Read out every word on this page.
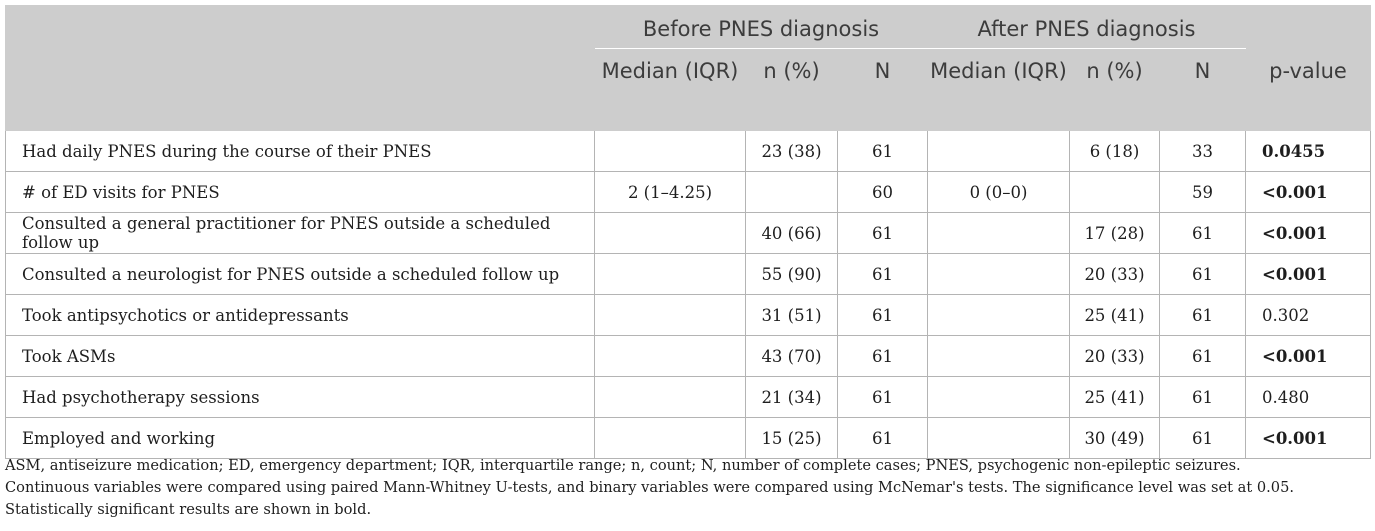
	Before PNES diagnosis			After PNES diagnosis			
	Median (IQR)	n (%)	N	Median (IQR)	n (%)	N	p-value
Had daily PNES during the course of their PNES		23 (38)	61		6 (18)	33	0.0455
# of ED visits for PNES	2 (1–4.25)		60	0 (0–0)		59	<0.001
Consulted a general practitioner for PNES outside a scheduled follow up		40 (66)	61		17 (28)	61	<0.001
Consulted a neurologist for PNES outside a scheduled follow up		55 (90)	61		20 (33)	61	<0.001
Took antipsychotics or antidepressants		31 (51)	61		25 (41)	61	0.302
Took ASMs		43 (70)	61		20 (33)	61	<0.001
Had psychotherapy sessions		21 (34)	61		25 (41)	61	0.480
Employed and working		15 (25)	61		30 (49)	61	<0.001

ASM, antiseizure medication; ED, emergency department; IQR, interquartile range; n, count; N, number of complete cases; PNES, psychogenic non-epileptic seizures.

Continuous variables were compared using paired Mann-Whitney U-tests, and binary variables were compared using McNemar's tests. The significance level was set at 0.05. Statistically significant results are shown in bold.
